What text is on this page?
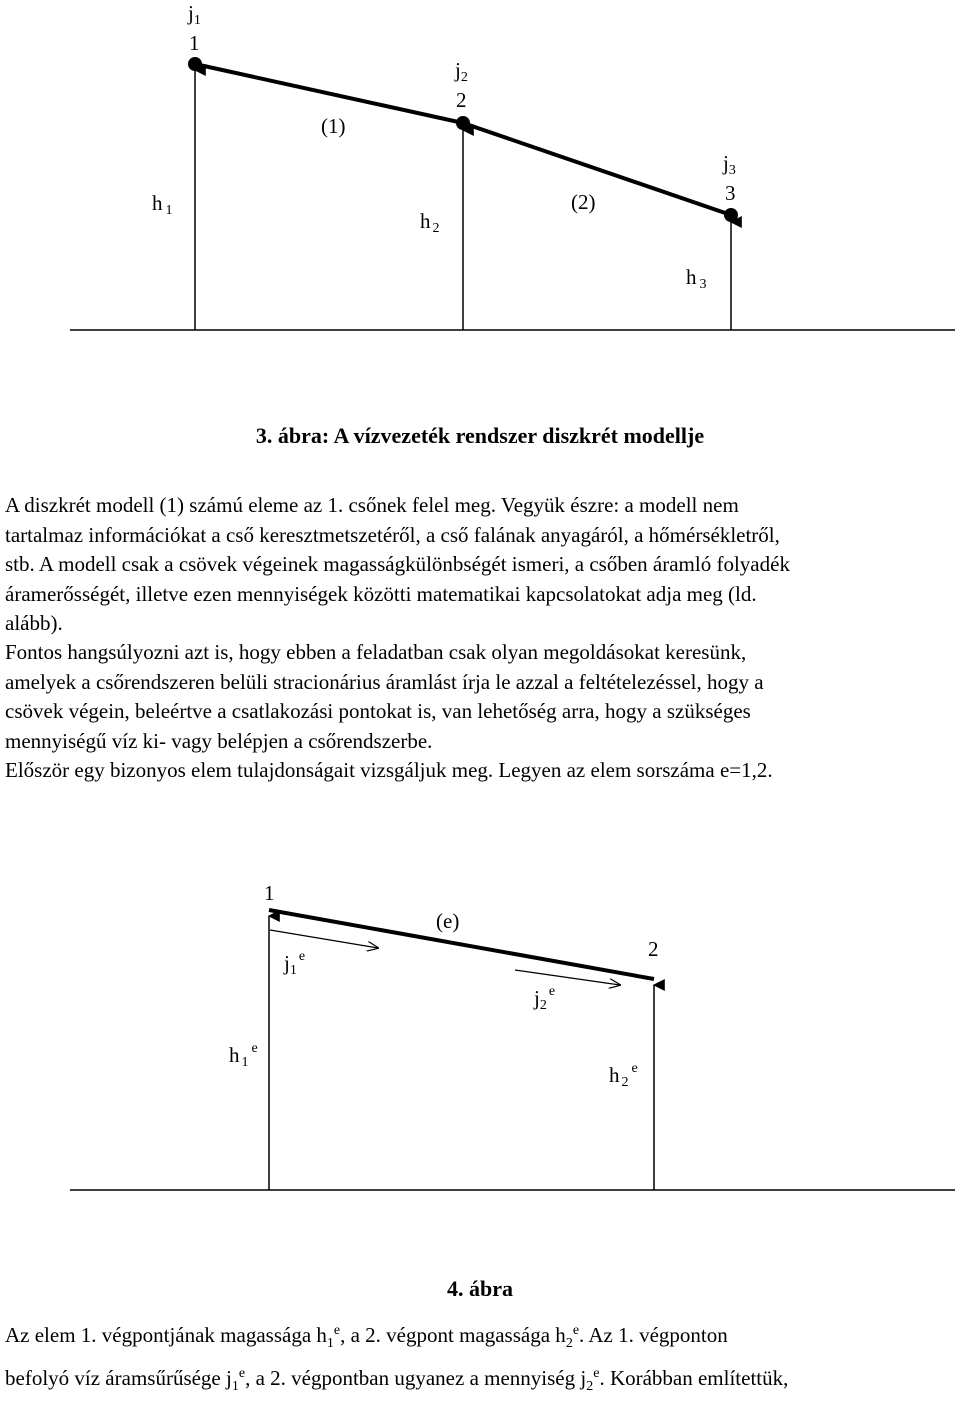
j1
1
j2
2
j3
3
(1)
(2)
h 1	h 2
h 3
3. ábra: A vízvezeték rendszer diszkrét modellje
A diszkrét modell (1) számú eleme az 1. csőnek felel meg. Vegyük észre: a modell nem
tartalmaz információkat a cső keresztmetszetéről, a cső falának anyagáról, a hőmérsékletről,
stb. A modell csak a csövek végeinek magasságkülönbségét ismeri, a csőben áramló folyadék
áramerősségét, illetve ezen mennyiségek közötti matematikai kapcsolatokat adja meg (ld.
alább).
Fontos hangsúlyozni azt is, hogy ebben a feladatban csak olyan megoldásokat keresünk,
amelyek a csőrendszeren belüli stracionárius áramlást írja le azzal a feltételezéssel, hogy a
csövek végein, beleértve a csatlakozási pontokat is, van lehetőség arra, hogy a szükséges
mennyiségű víz ki- vagy belépjen a csőrendszerbe.
Először egy bizonyos elem tulajdonságait vizsgáljuk meg. Legyen az elem sorszáma e=1,2.
1
2
(e)
j1e
j2e
h 1e
h 2e
4. ábra
Az elem 1. végpontjának magassága $h_1^e$, a 2. végpont magassága $h_2^e$. Az 1. végponton
befolyó víz áramsűrűsége $j_1^e$, a 2. végpontban ugyanez a mennyiség $j_2^e$. Korábban említettük,
